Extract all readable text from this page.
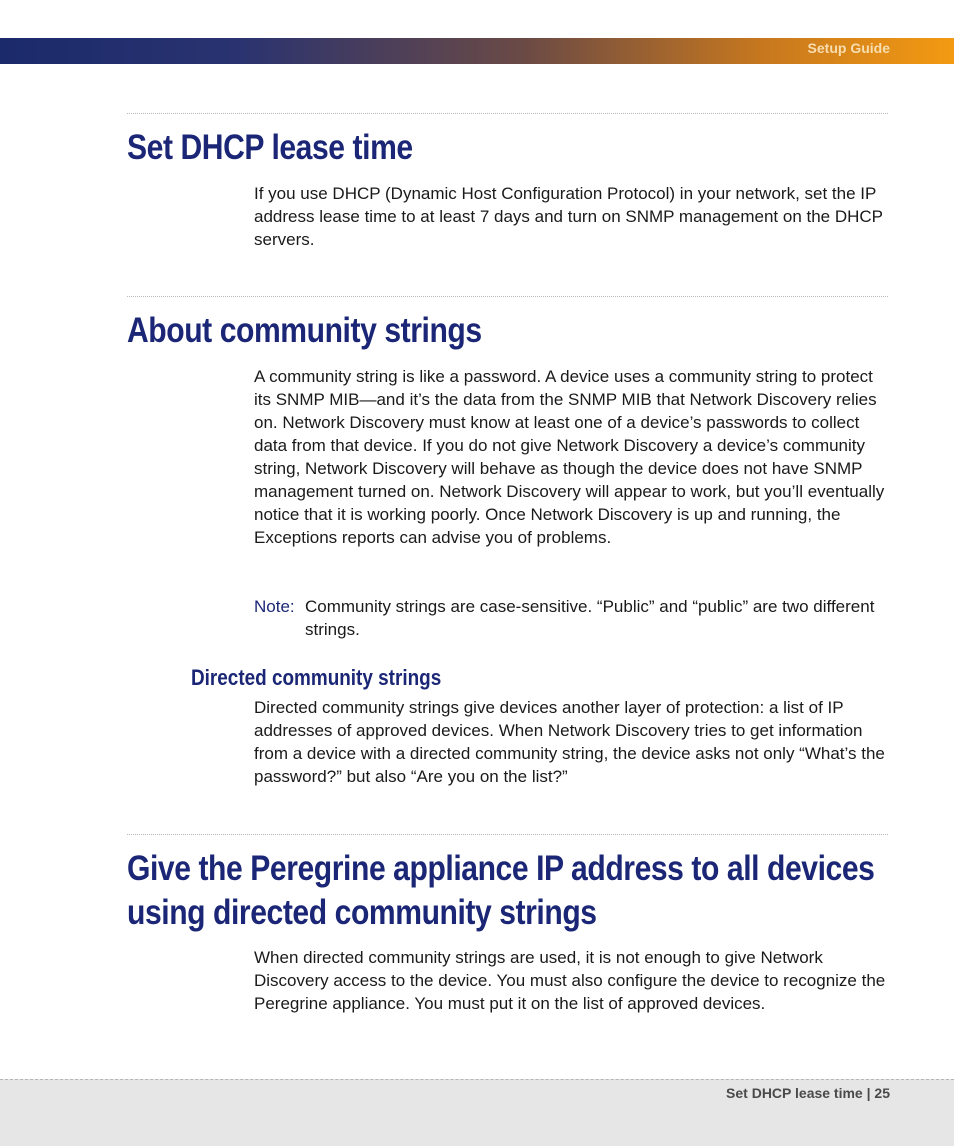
Setup Guide
Set DHCP lease time

If you use DHCP (Dynamic Host Configuration Protocol) in your network, set the IP address lease time to at least 7 days and turn on SNMP management on the DHCP servers.

About community strings

A community string is like a password. A device uses a community string to protect its SNMP MIB—and it’s the data from the SNMP MIB that Network Discovery relies on. Network Discovery must know at least one of a device’s passwords to collect data from that device. If you do not give Network Discovery a device’s community string, Network Discovery will behave as though the device does not have SNMP management turned on. Network Discovery will appear to work, but you’ll eventually notice that it is working poorly. Once Network Discovery is up and running, the Exceptions reports can advise you of problems.

Note: Community strings are case-sensitive. “Public” and “public” are two different strings.
Directed community strings

Directed community strings give devices another layer of protection: a list of IP addresses of approved devices. When Network Discovery tries to get information from a device with a directed community string, the device asks not only “What’s the password?” but also “Are you on the list?”

Give the Peregrine appliance IP address to all devices
using directed community strings

When directed community strings are used, it is not enough to give Network Discovery access to the device. You must also configure the device to recognize the Peregrine appliance. You must put it on the list of approved devices.

Set DHCP lease time | 25
